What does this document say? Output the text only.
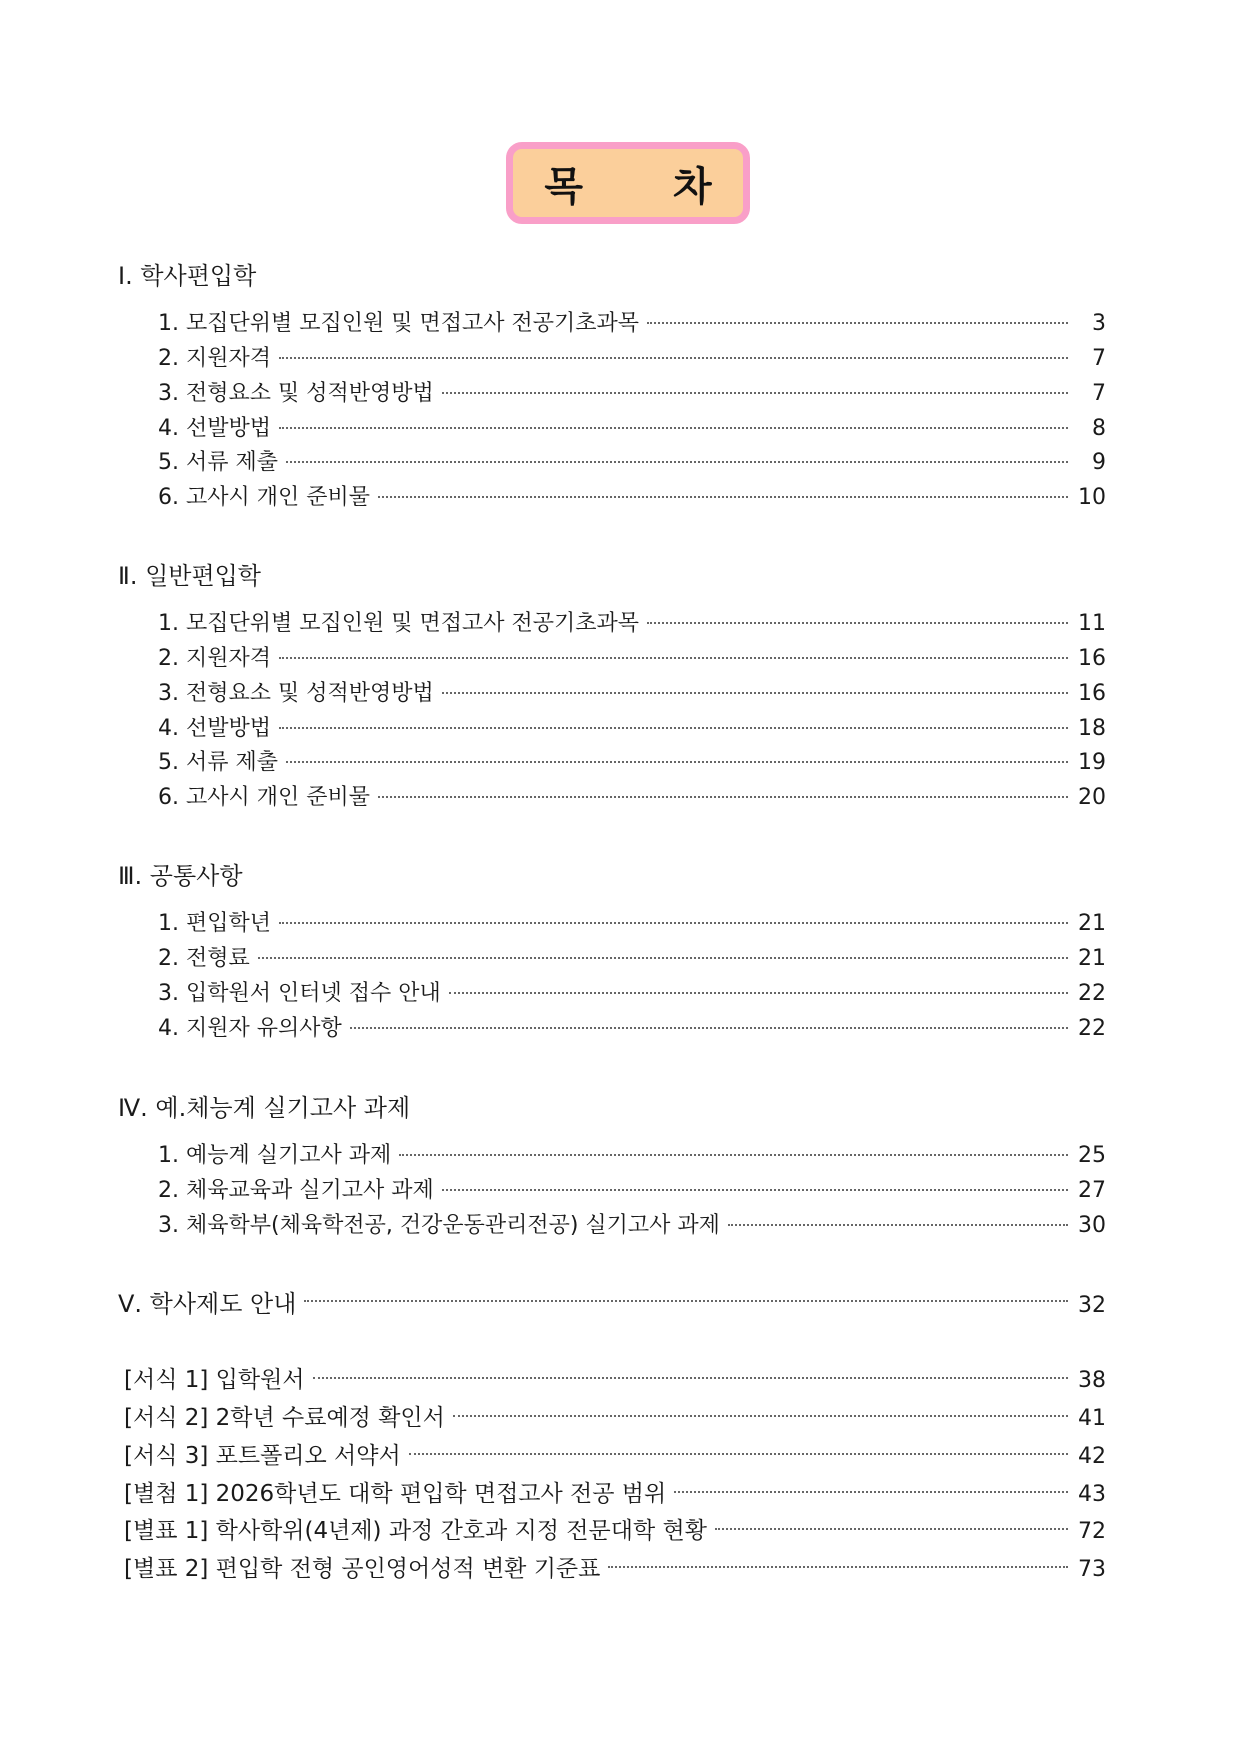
목 차
Ⅰ. 학사편입학
1. 모집단위별 모집인원 및 면접고사 전공기초과목	3
2. 지원자격	7
3. 전형요소 및 성적반영방법	7
4. 선발방법	8
5. 서류 제출	9
6. 고사시 개인 준비물	10
Ⅱ. 일반편입학
1. 모집단위별 모집인원 및 면접고사 전공기초과목	11
2. 지원자격	16
3. 전형요소 및 성적반영방법	16
4. 선발방법	18
5. 서류 제출	19
6. 고사시 개인 준비물	20
Ⅲ. 공통사항
1. 편입학년	21
2. 전형료	21
3. 입학원서 인터넷 접수 안내	22
4. 지원자 유의사항	22
Ⅳ. 예.체능계 실기고사 과제
1. 예능계 실기고사 과제	25
2. 체육교육과 실기고사 과제	27
3. 체육학부(체육학전공, 건강운동관리전공) 실기고사 과제	30
Ⅴ. 학사제도 안내	32
[서식 1] 입학원서	38
[서식 2] 2학년 수료예정 확인서	41
[서식 3] 포트폴리오 서약서	42
[별첨 1] 2026학년도 대학 편입학 면접고사 전공 범위	43
[별표 1] 학사학위(4년제) 과정 간호과 지정 전문대학 현황	72
[별표 2] 편입학 전형 공인영어성적 변환 기준표	73
